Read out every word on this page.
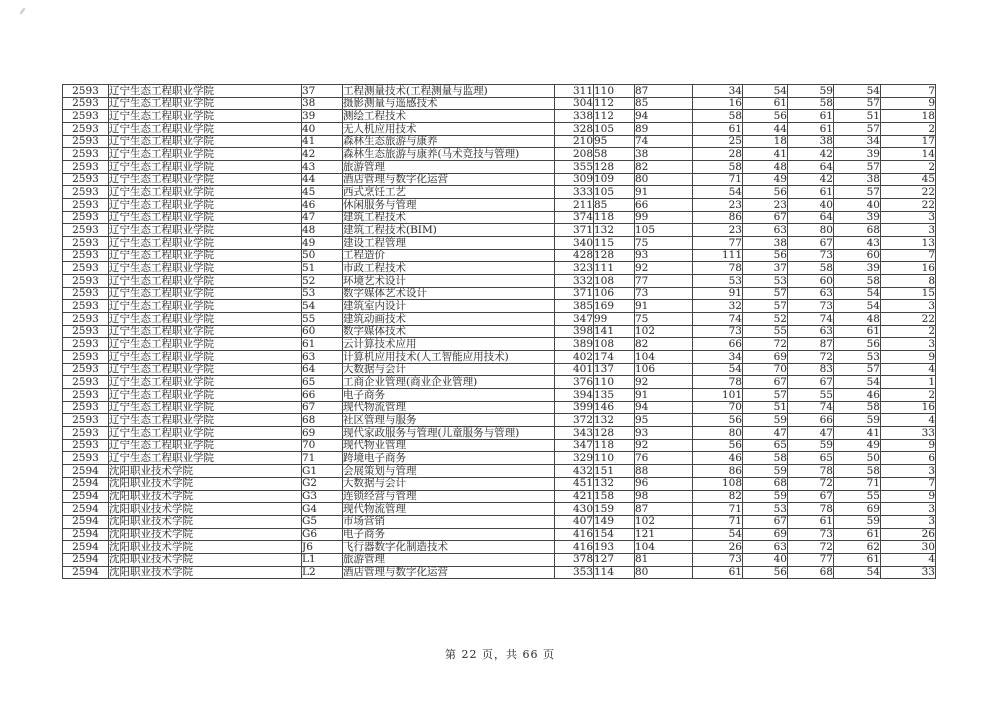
2593	辽宁生态工程职业学院	37	工程测量技术(工程测量与监理)	311	110	87	34	54	59	54	7
2593	辽宁生态工程职业学院	38	摄影测量与遥感技术	304	112	85	16	61	58	57	9
2593	辽宁生态工程职业学院	39	测绘工程技术	338	112	94	58	56	61	51	18
2593	辽宁生态工程职业学院	40	无人机应用技术	328	105	89	61	44	61	57	2
2593	辽宁生态工程职业学院	41	森林生态旅游与康养	210	95	74	25	18	38	34	17
2593	辽宁生态工程职业学院	42	森林生态旅游与康养(马术竞技与管理)	208	58	38	28	41	42	39	14
2593	辽宁生态工程职业学院	43	旅游管理	355	128	82	58	48	64	57	2
2593	辽宁生态工程职业学院	44	酒店管理与数字化运营	309	109	80	71	49	42	38	45
2593	辽宁生态工程职业学院	45	西式烹饪工艺	333	105	91	54	56	61	57	22
2593	辽宁生态工程职业学院	46	休闲服务与管理	211	85	66	23	23	40	40	22
2593	辽宁生态工程职业学院	47	建筑工程技术	374	118	99	86	67	64	39	3
2593	辽宁生态工程职业学院	48	建筑工程技术(BIM)	371	132	105	23	63	80	68	3
2593	辽宁生态工程职业学院	49	建设工程管理	340	115	75	77	38	67	43	13
2593	辽宁生态工程职业学院	50	工程造价	428	128	93	111	56	73	60	7
2593	辽宁生态工程职业学院	51	市政工程技术	323	111	92	78	37	58	39	16
2593	辽宁生态工程职业学院	52	环境艺术设计	332	108	77	53	53	60	58	8
2593	辽宁生态工程职业学院	53	数字媒体艺术设计	371	106	73	91	57	63	54	15
2593	辽宁生态工程职业学院	54	建筑室内设计	385	169	91	32	57	73	54	3
2593	辽宁生态工程职业学院	55	建筑动画技术	347	99	75	74	52	74	48	22
2593	辽宁生态工程职业学院	60	数字媒体技术	398	141	102	73	55	63	61	2
2593	辽宁生态工程职业学院	61	云计算技术应用	389	108	82	66	72	87	56	3
2593	辽宁生态工程职业学院	63	计算机应用技术(人工智能应用技术)	402	174	104	34	69	72	53	9
2593	辽宁生态工程职业学院	64	大数据与会计	401	137	106	54	70	83	57	4
2593	辽宁生态工程职业学院	65	工商企业管理(商业企业管理)	376	110	92	78	67	67	54	1
2593	辽宁生态工程职业学院	66	电子商务	394	135	91	101	57	55	46	2
2593	辽宁生态工程职业学院	67	现代物流管理	399	146	94	70	51	74	58	16
2593	辽宁生态工程职业学院	68	社区管理与服务	372	132	95	56	59	66	59	4
2593	辽宁生态工程职业学院	69	现代家政服务与管理(儿童服务与管理)	343	128	93	80	47	47	41	33
2593	辽宁生态工程职业学院	70	现代物业管理	347	118	92	56	65	59	49	9
2593	辽宁生态工程职业学院	71	跨境电子商务	329	110	76	46	58	65	50	6
2594	沈阳职业技术学院	G1	会展策划与管理	432	151	88	86	59	78	58	3
2594	沈阳职业技术学院	G2	大数据与会计	451	132	96	108	68	72	71	7
2594	沈阳职业技术学院	G3	连锁经营与管理	421	158	98	82	59	67	55	9
2594	沈阳职业技术学院	G4	现代物流管理	430	159	87	71	53	78	69	3
2594	沈阳职业技术学院	G5	市场营销	407	149	102	71	67	61	59	3
2594	沈阳职业技术学院	G6	电子商务	416	154	121	54	69	73	61	26
2594	沈阳职业技术学院	J6	飞行器数字化制造技术	416	193	104	26	63	72	62	30
2594	沈阳职业技术学院	L1	旅游管理	378	127	81	73	40	77	61	4
2594	沈阳职业技术学院	L2	酒店管理与数字化运营	353	114	80	61	56	68	54	33
第 22 页，共 66 页
